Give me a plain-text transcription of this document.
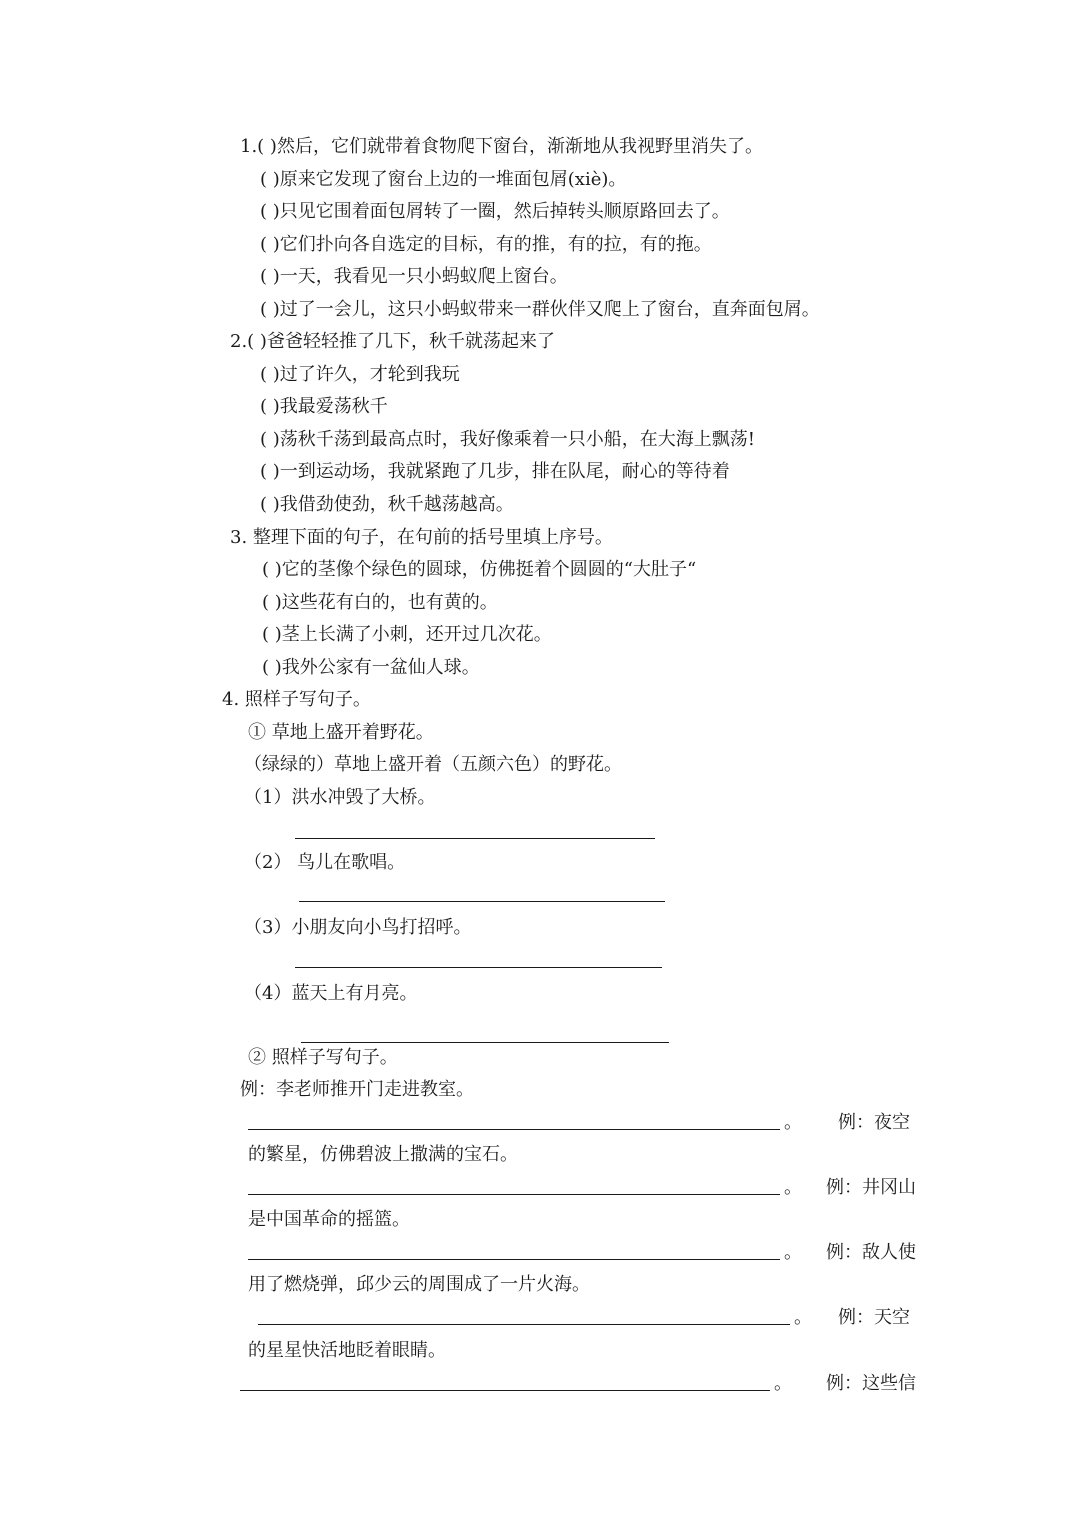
1.( )然后，它们就带着食物爬下窗台，渐渐地从我视野里消失了。
( )原来它发现了窗台上边的一堆面包屑(xiè)。
( )只见它围着面包屑转了一圈，然后掉转头顺原路回去了。
( )它们扑向各自选定的目标，有的推，有的拉，有的拖。
( )一天，我看见一只小蚂蚁爬上窗台。
( )过了一会儿，这只小蚂蚁带来一群伙伴又爬上了窗台，直奔面包屑。
2.( )爸爸轻轻推了几下，秋千就荡起来了
( )过了许久，才轮到我玩
( )我最爱荡秋千
( )荡秋千荡到最高点时，我好像乘着一只小船，在大海上飘荡!
( )一到运动场，我就紧跑了几步，排在队尾，耐心的等待着
( )我借劲使劲，秋千越荡越高。
3. 整理下面的句子，在句前的括号里填上序号。
( )它的茎像个绿色的圆球，仿佛挺着个圆圆的“大肚子“
( )这些花有白的，也有黄的。
( )茎上长满了小刺，还开过几次花。
( )我外公家有一盆仙人球。
4. 照样子写句子。
① 草地上盛开着野花。
（绿绿的）草地上盛开着（五颜六色）的野花。
（1）洪水冲毁了大桥。
（2） 鸟儿在歌唱。
（3）小朋友向小鸟打招呼。
（4）蓝天上有月亮。
② 照样子写句子。
例：李老师推开门走进教室。
。 例：夜空
的繁星，仿佛碧波上撒满的宝石。
。 例：井冈山
是中国革命的摇篮。
。 例：敌人使
用了燃烧弹，邱少云的周围成了一片火海。
。 例：天空
的星星快活地眨着眼睛。
。 例：这些信
